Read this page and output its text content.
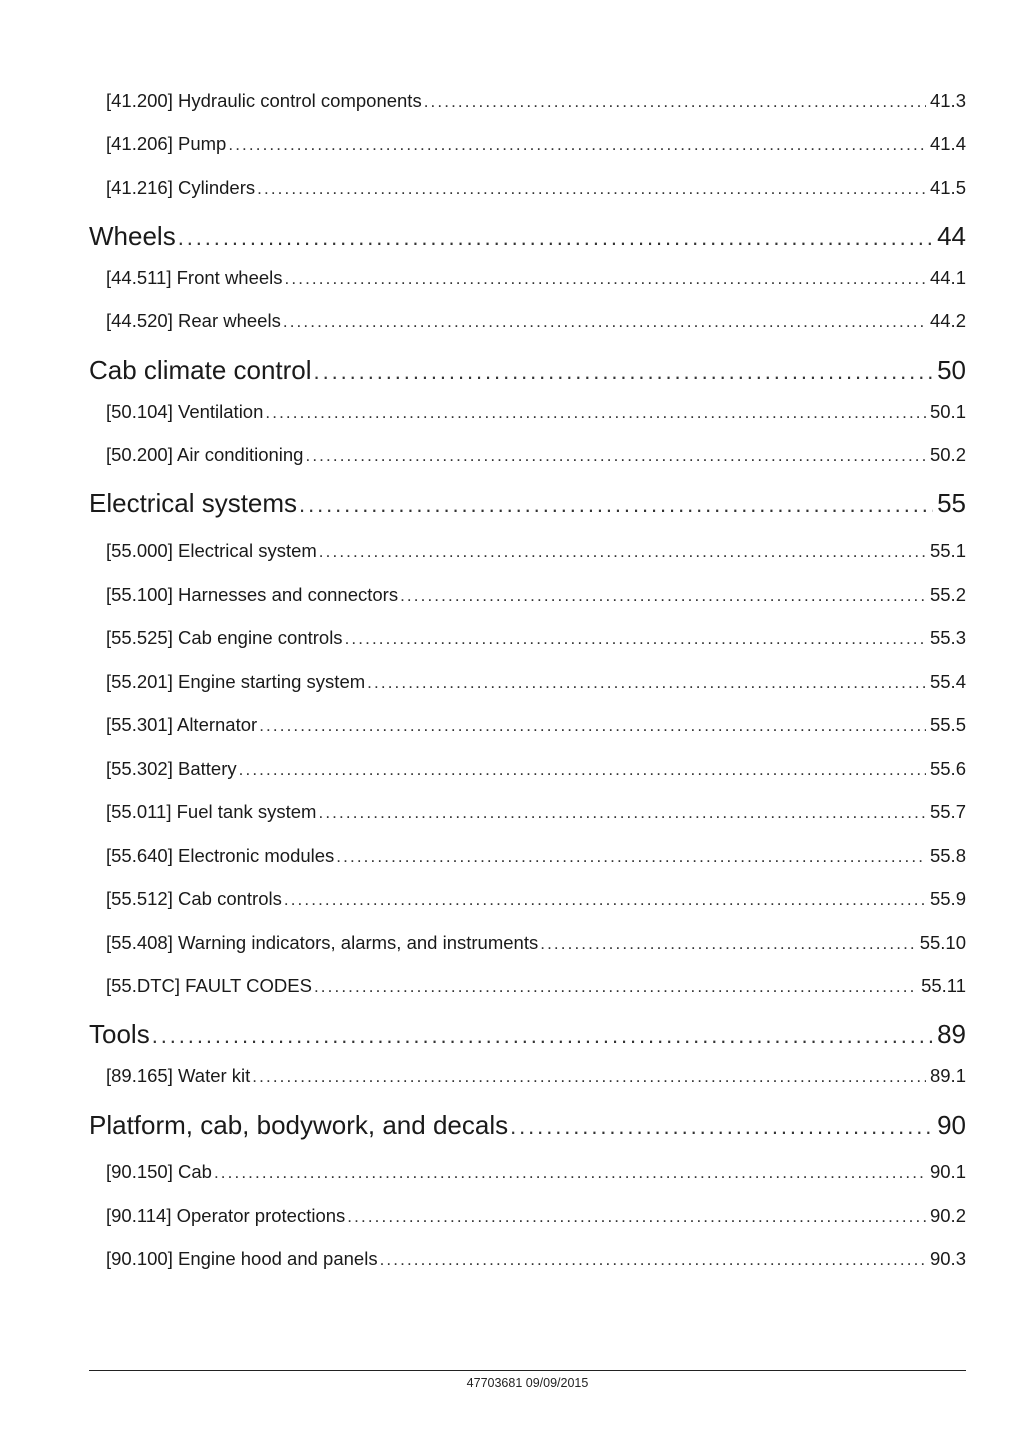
[41.200] Hydraulic control components . . .	41.3
[41.206] Pump . . .	41.4
[41.216] Cylinders . . .	41.5
Wheels . . .	44
[44.511] Front wheels . . .	44.1
[44.520] Rear wheels . . .	44.2
Cab climate control . . .	50
[50.104] Ventilation . . .	50.1
[50.200] Air conditioning . . .	50.2
Electrical systems . . .	55
[55.000] Electrical system . . .	55.1
[55.100] Harnesses and connectors . . .	55.2
[55.525] Cab engine controls . . .	55.3
[55.201] Engine starting system . . .	55.4
[55.301] Alternator . . .	55.5
[55.302] Battery . . .	55.6
[55.011] Fuel tank system . . .	55.7
[55.640] Electronic modules . . .	55.8
[55.512] Cab controls . . .	55.9
[55.408] Warning indicators, alarms, and instruments . . .	55.10
[55.DTC] FAULT CODES . . .	55.11
Tools . . .	89
[89.165] Water kit . . .	89.1
Platform, cab, bodywork, and decals . . .	90
[90.150] Cab . . .	90.1
[90.114] Operator protections . . .	90.2
[90.100] Engine hood and panels . . .	90.3
47703681 09/09/2015
